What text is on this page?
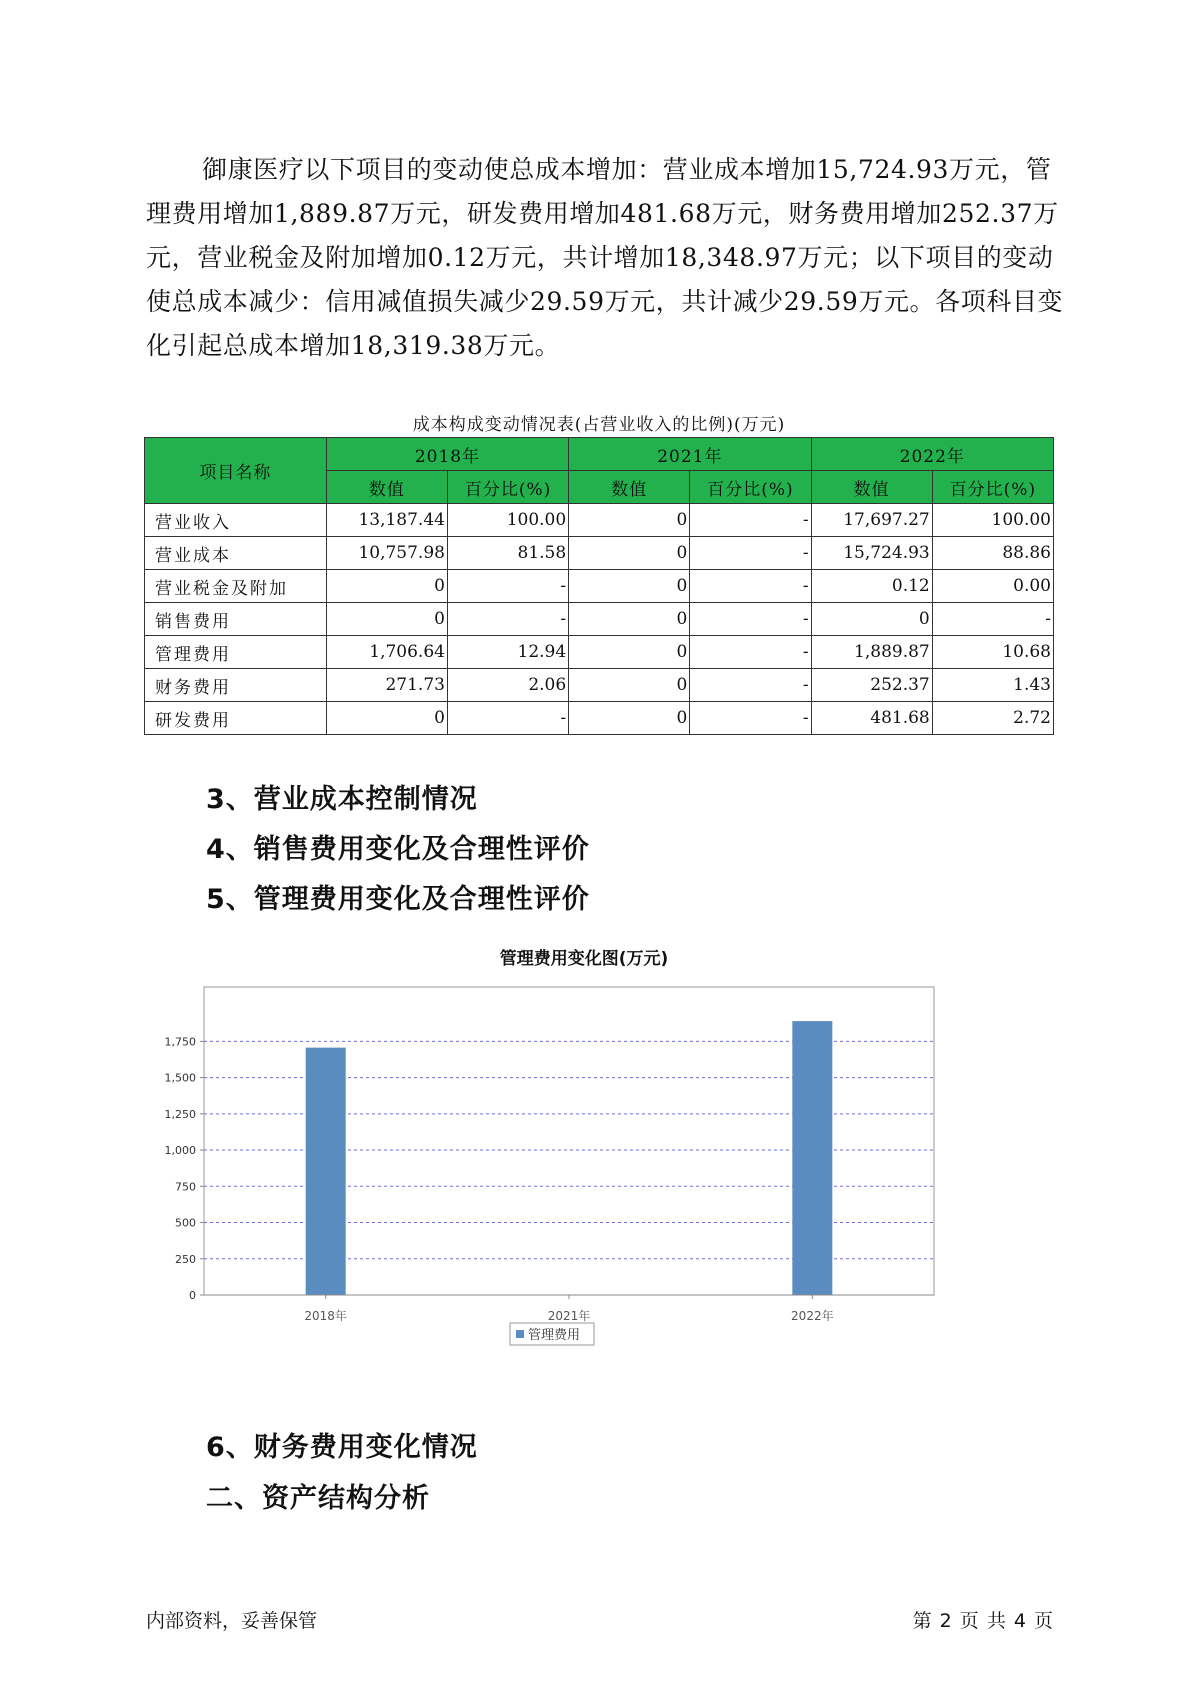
御康医疗以下项目的变动使总成本增加：营业成本增加15,724.93万元，管理费用增加1,889.87万元，研发费用增加481.68万元，财务费用增加252.37万元，营业税金及附加增加0.12万元，共计增加18,348.97万元；以下项目的变动使总成本减少：信用减值损失减少29.59万元，共计减少29.59万元。各项科目变化引起总成本增加18,319.38万元。
成本构成变动情况表(占营业收入的比例)(万元)
项目名称	2018年		2021年		2022年	
	数值	百分比(%)	数值	百分比(%)	数值	百分比(%)
营业收入	13,187.44	100.00	0	-	17,697.27	100.00
营业成本	10,757.98	81.58	0	-	15,724.93	88.86
营业税金及附加	0	-	0	-	0.12	0.00
销售费用	0	-	0	-	0	-
管理费用	1,706.64	12.94	0	-	1,889.87	10.68
财务费用	271.73	2.06	0	-	252.37	1.43
研发费用	0	-	0	-	481.68	2.72
3、营业成本控制情况
4、销售费用变化及合理性评价
5、管理费用变化及合理性评价
管理费用变化图(万元)
0
250
500
750
1,000
1,250
1,500
1,750
2018年	2021年	2022年
管理费用
6、财务费用变化情况
二、资产结构分析
内部资料，妥善保管	第 2 页 共 4 页
